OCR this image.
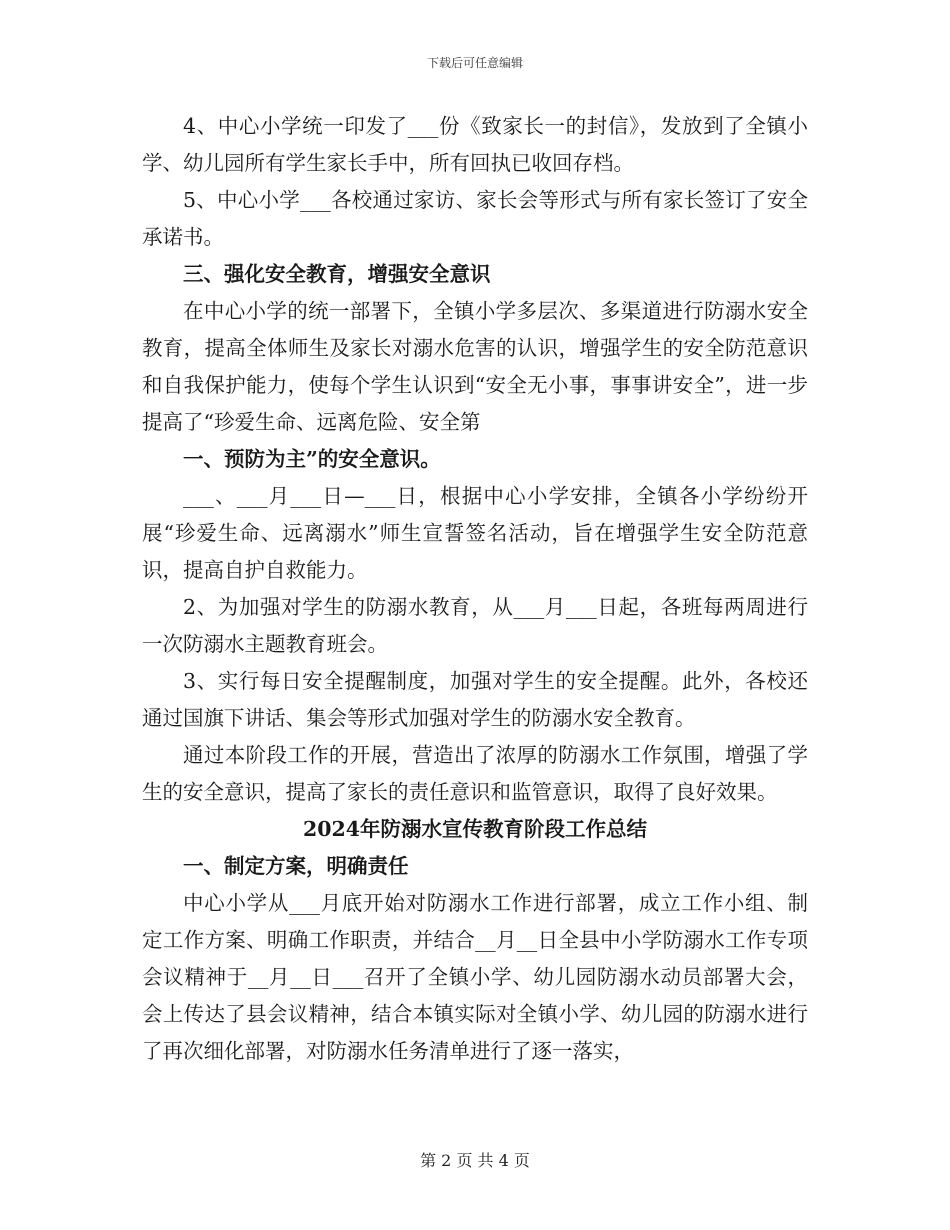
下载后可任意编辑

4、中心小学统一印发了___份《致家长一的封信》，发放到了全镇小学、幼儿园所有学生家长手中，所有回执已收回存档。

5、中心小学___各校通过家访、家长会等形式与所有家长签订了安全承诺书。

三、强化安全教育，增强安全意识

在中心小学的统一部署下，全镇小学多层次、多渠道进行防溺水安全教育，提高全体师生及家长对溺水危害的认识，增强学生的安全防范意识和自我保护能力，使每个学生认识到“安全无小事，事事讲安全”，进一步提高了“珍爱生命、远离危险、安全第

一、预防为主”的安全意识。

___、___月___日—___日，根据中心小学安排，全镇各小学纷纷开展“珍爱生命、远离溺水”师生宣誓签名活动，旨在增强学生安全防范意识，提高自护自救能力。

2、为加强对学生的防溺水教育，从___月___日起，各班每两周进行一次防溺水主题教育班会。

3、实行每日安全提醒制度，加强对学生的安全提醒。此外，各校还通过国旗下讲话、集会等形式加强对学生的防溺水安全教育。

通过本阶段工作的开展，营造出了浓厚的防溺水工作氛围，增强了学生的安全意识，提高了家长的责任意识和监管意识，取得了良好效果。

2024年防溺水宣传教育阶段工作总结

一、制定方案，明确责任

中心小学从___月底开始对防溺水工作进行部署，成立工作小组、制定工作方案、明确工作职责，并结合__月__日全县中小学防溺水工作专项会议精神于__月__日___召开了全镇小学、幼儿园防溺水动员部署大会，会上传达了县会议精神，结合本镇实际对全镇小学、幼儿园的防溺水进行了再次细化部署，对防溺水任务清单进行了逐一落实，

第 2 页 共 4 页
